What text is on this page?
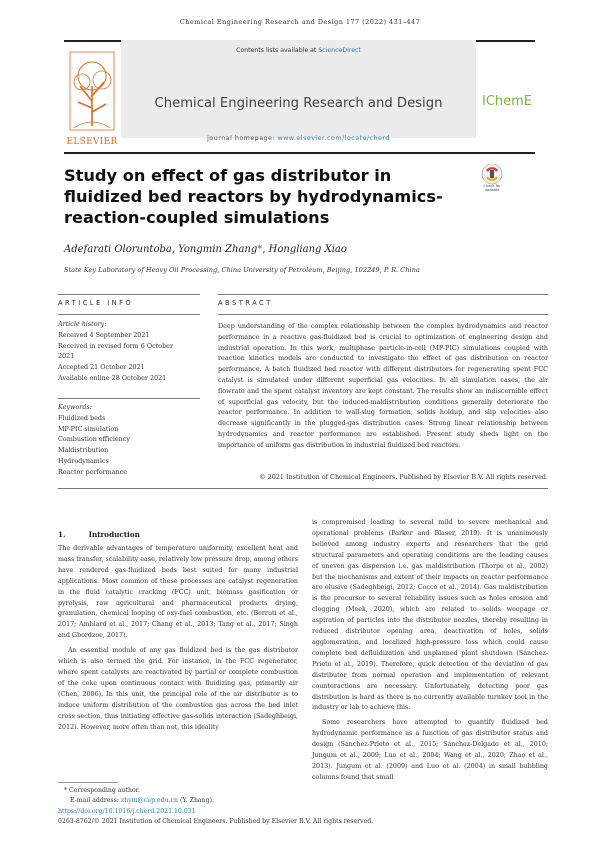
Chemical Engineering Research and Design 177 (2022) 431–447
Contents lists available at ScienceDirect
ELSEVIER
Chemical Engineering Research and Design
journal homepage: www.elsevier.com/locate/cherd
IChemE
Study on effect of gas distributor in fluidized bed reactors by hydrodynamics-reaction-coupled simulations
Check for updates
Adefarati Oloruntoba, Yongmin Zhang*, Hongliang Xiao
State Key Laboratory of Heavy Oil Processing, China University of Petroleum, Beijing, 102249, P. R. China
ARTICLE INFO	ABSTRACT
Article history:
Received 4 September 2021
Received in revised form 6 October
2021
Accepted 21 October 2021
Available online 28 October 2021
Keywords:
Fluidized beds
MP-PIC simulation
Combustion efficiency
Maldistribution
Hydrodynamics
Reactor performance
Deep understanding of the complex relationship between the complex hydrodynamics and reactor performance in a reactive gas-fluidized bed is crucial to optimization of engineering design and industrial operation. In this work, multiphase particle-in-cell (MP-PIC) simulations coupled with reaction kinetics models are conducted to investigate the effect of gas distribution on reactor performance. A batch fluidized bed reactor with different distributors for regenerating spent FCC catalyst is simulated under different superficial gas velocities. In all simulation cases, the air flowrate and the spent catalyst inventory are kept constant. The results show an indiscernible effect of superficial gas velocity, but the induced-maldistribution conditions generally deteriorate the reactor performance. In addition to wall-slug formation, solids holdup, and slip velocities also decrease significantly in the plugged-gas distribution cases. Strong linear relationship between hydrodynamics and reactor performance are established. Present study sheds light on the importance of uniform gas distribution in industrial fluidized bed reactors.
© 2021 Institution of Chemical Engineers. Published by Elsevier B.V. All rights reserved.
1.	Introduction

The derivable advantages of temperature uniformity, excellent heat and mass transfer, scalability ease, relatively low pressure drop, among others have rendered gas-fluidized beds best suited for many industrial applications. Most common of these processes are catalyst regeneration in the fluid catalytic cracking (FCC) unit, biomass gasification or pyrolysis, raw agricultural and pharmaceutical products drying, granulation, chemical looping of oxy-fuel combustion, etc. (Berruti et al., 2017; Amblard et al., 2017; Chang et al., 2013; Tang et al., 2017; Singh and Gbordzoe, 2017).

An essential module of any gas fluidized bed is the gas distributor which is also termed the grid. For instance, in the FCC regenerator, where spent catalysts are reactivated by partial or complete combustion of the coke upon continuous contact with fluidizing gas, primarily air (Chen, 2006). In this unit, the principal role of the air distributor is to induce uniform distribution of the combustion gas across the bed inlet cross section, thus initiating effective gas-solids interaction (Sadeghbeigi, 2012). However, more often than not, this ideality

is compromised leading to several mild to severe mechanical and operational problems (Parker and Blaser, 2019). It is unanimously believed among industry experts and researchers that the grid structural parameters and operating conditions are the leading causes of uneven gas dispersion i.e. gas maldistribution (Thorpe et al., 2002) but the mechanisms and extent of their impacts on reactor performance are elusive (Sadeghbeigi, 2012; Cocco et al., 2014). Gas maldistribution is the precursor to several reliability issues such as holes erosion and clogging (Meek, 2020), which are related to solids weepage or aspiration of particles into the distributor nozzles, thereby resulting in reduced distributor opening area, deactivation of holes, solids agglomeration, and localized high-pressure loss which could cause complete bed defluidization and unplanned plant shutdown (Sánchez-Prieto et al., 2019). Therefore, quick detection of the deviation of gas distributor from normal operation and implementation of relevant counteractions are necessary. Unfortunately, detecting poor gas distribution is hard as there is no currently available turnkey tool in the industry or lab to achieve this.

Some researchers have attempted to quantify fluidized bed hydrodynamic performance as a function of gas distributor status and design (Sánchez-Prieto et al., 2015; Sánchez-Delgado et al., 2010; Jungum et al., 2009; Luo et al., 2004; Wang et al., 2020; Zhao et al., 2013). Jungum et al. (2009) and Luo et al. (2004) in small bubbling columns found that small

* Corresponding author.
E-mail address: zhym@cup.edu.cn (Y. Zhang).
https://doi.org/10.1016/j.cherd.2021.10.031
0263-8762/© 2021 Institution of Chemical Engineers. Published by Elsevier B.V. All rights reserved.
